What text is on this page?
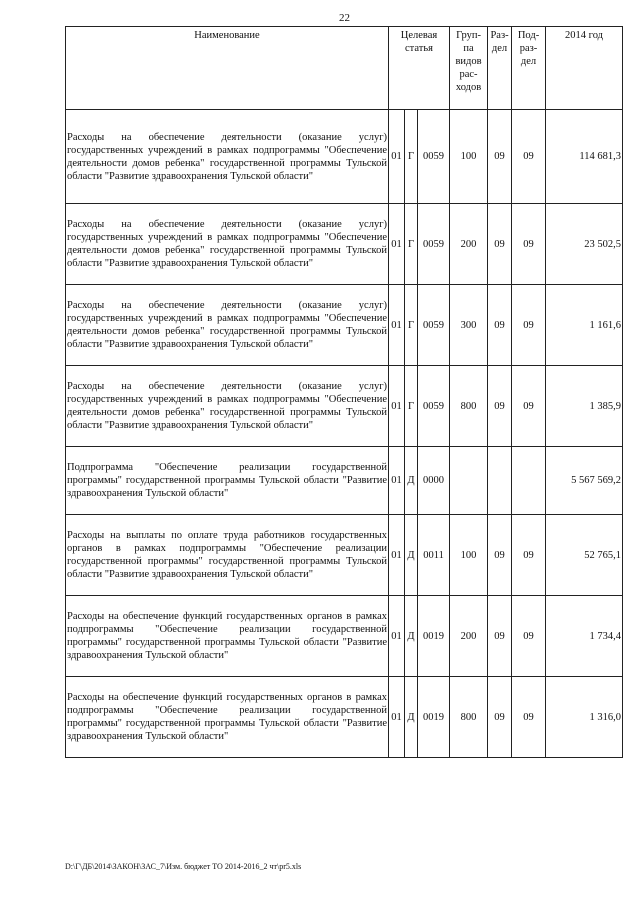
22
Наименование	Целевая статья			Груп-па видов рас-ходов	Раз-дел	Под-раз-дел	2014 год
Расходы на обеспечение деятельности (оказание услуг) государственных учреждений в рамках подпрограммы "Обеспечение деятельности домов ребенка" государственной программы Тульской области "Развитие здравоохранения Тульской области"	01	Г	0059	100	09	09	114 681,3
Расходы на обеспечение деятельности (оказание услуг) государственных учреждений в рамках подпрограммы "Обеспечение деятельности домов ребенка" государственной программы Тульской области "Развитие здравоохранения Тульской области"	01	Г	0059	200	09	09	23 502,5
Расходы на обеспечение деятельности (оказание услуг) государственных учреждений в рамках подпрограммы "Обеспечение деятельности домов ребенка" государственной программы Тульской области "Развитие здравоохранения Тульской области"	01	Г	0059	300	09	09	1 161,6
Расходы на обеспечение деятельности (оказание услуг) государственных учреждений в рамках подпрограммы "Обеспечение деятельности домов ребенка" государственной программы Тульской области "Развитие здравоохранения Тульской области"	01	Г	0059	800	09	09	1 385,9
Подпрограмма "Обеспечение реализации государственной программы" государственной программы Тульской области "Развитие здравоохранения Тульской области"	01	Д	0000				5 567 569,2
Расходы на выплаты по оплате труда работников государственных органов в рамках подпрограммы "Обеспечение реализации государственной программы" государственной программы Тульской области "Развитие здравоохранения Тульской области"	01	Д	0011	100	09	09	52 765,1
Расходы на обеспечение функций государственных органов в рамках подпрограммы "Обеспечение реализации государственной программы" государственной программы Тульской области "Развитие здравоохранения Тульской области"	01	Д	0019	200	09	09	1 734,4
Расходы на обеспечение функций государственных органов в рамках подпрограммы "Обеспечение реализации государственной программы" государственной программы Тульской области "Развитие здравоохранения Тульской области"	01	Д	0019	800	09	09	1 316,0
D:\Г\ДБ\2014\ЗАКОН\ЗАС_7\Изм. бюджет ТО 2014-2016_2 чт\pr5.xls
